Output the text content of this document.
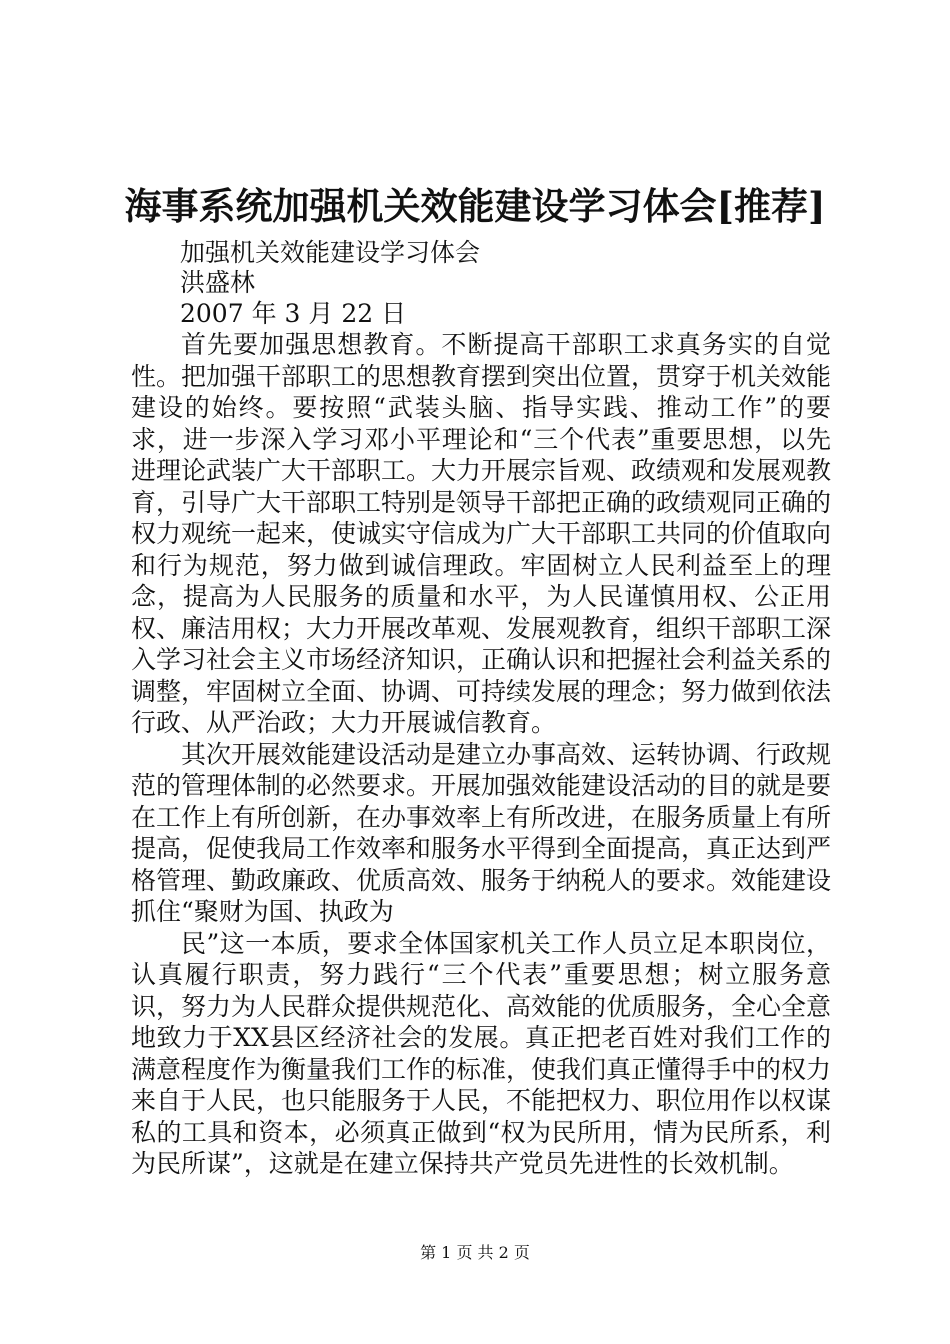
海事系统加强机关效能建设学习体会[推荐]
加强机关效能建设学习体会
洪盛林
2007 年 3 月 22 日

首先要加强思想教育。不断提高干部职工求真务实的自觉性。把加强干部职工的思想教育摆到突出位置，贯穿于机关效能建设的始终。要按照“武装头脑、指导实践、推动工作”的要求，进一步深入学习邓小平理论和“三个代表”重要思想，以先进理论武装广大干部职工。大力开展宗旨观、政绩观和发展观教育，引导广大干部职工特别是领导干部把正确的政绩观同正确的权力观统一起来，使诚实守信成为广大干部职工共同的价值取向和行为规范，努力做到诚信理政。牢固树立人民利益至上的理念，提高为人民服务的质量和水平，为人民谨慎用权、公正用权、廉洁用权；大力开展改革观、发展观教育，组织干部职工深入学习社会主义市场经济知识，正确认识和把握社会利益关系的调整，牢固树立全面、协调、可持续发展的理念；努力做到依法行政、从严治政；大力开展诚信教育。

其次开展效能建设活动是建立办事高效、运转协调、行政规范的管理体制的必然要求。开展加强效能建设活动的目的就是要在工作上有所创新，在办事效率上有所改进，在服务质量上有所提高，促使我局工作效率和服务水平得到全面提高，真正达到严格管理、勤政廉政、优质高效、服务于纳税人的要求。效能建设抓住“聚财为国、执政为

民”这一本质，要求全体国家机关工作人员立足本职岗位，认真履行职责，努力践行“三个代表”重要思想；树立服务意识，努力为人民群众提供规范化、高效能的优质服务，全心全意地致力于XX县区经济社会的发展。真正把老百姓对我们工作的满意程度作为衡量我们工作的标准，使我们真正懂得手中的权力来自于人民，也只能服务于人民，不能把权力、职位用作以权谋私的工具和资本，必须真正做到“权为民所用，情为民所系，利为民所谋”，这就是在建立保持共产党员先进性的长效机制。

第 1 页 共 2 页
